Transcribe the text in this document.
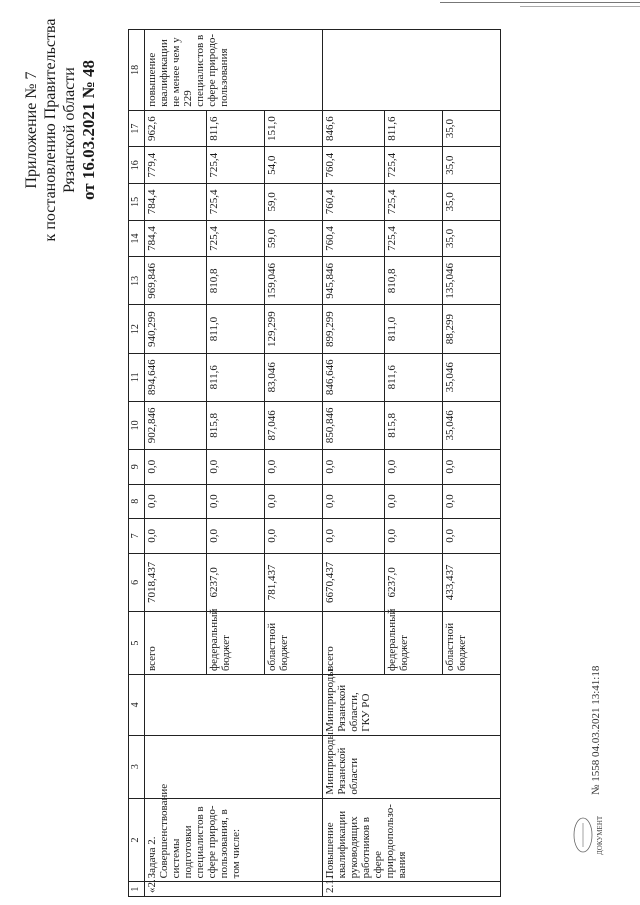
Приложение № 7 к постановлению Правительства Рязанской области от 16.03.2021 № 48
1	2	3	4	5	6	7	8	9	10	11	12	13	14	15	16	17	18
«2.	Задача 2. Совершенствование системы подготовки специалистов в сфере природо-пользования, в том числе:			всего	7018,437	0,0	0,0	0,0	902,846	894,646	940,299	969,846	784,4	784,4	779,4	962,6	повышение квалификации не менее чем у 229 специалистов в сфере природо-пользования
				федеральный бюджет	6237,0	0,0	0,0	0,0	815,8	811,6	811,0	810,8	725,4	725,4	725,4	811,6	
				областной бюджет	781,437	0,0	0,0	0,0	87,046	83,046	129,299	159,046	59,0	59,0	54,0	151,0	
2.1.	Повышение квалификации руководящих работников в сфере природопользо-вания	Минприроды Рязанской области	Минприроды Рязанской области, ГКУ РО	всего	6670,437	0,0	0,0	0,0	850,846	846,646	899,299	945,846	760,4	760,4	760,4	846,6	
				федеральный бюджет	6237,0	0,0	0,0	0,0	815,8	811,6	811,0	810,8	725,4	725,4	725,4	811,6	
				областной бюджет	433,437	0,0	0,0	0,0	35,046	35,046	88,299	135,046	35,0	35,0	35,0	35,0	
ДОКУМЕНТ
№ 1558 04.03.2021 13:41:18
